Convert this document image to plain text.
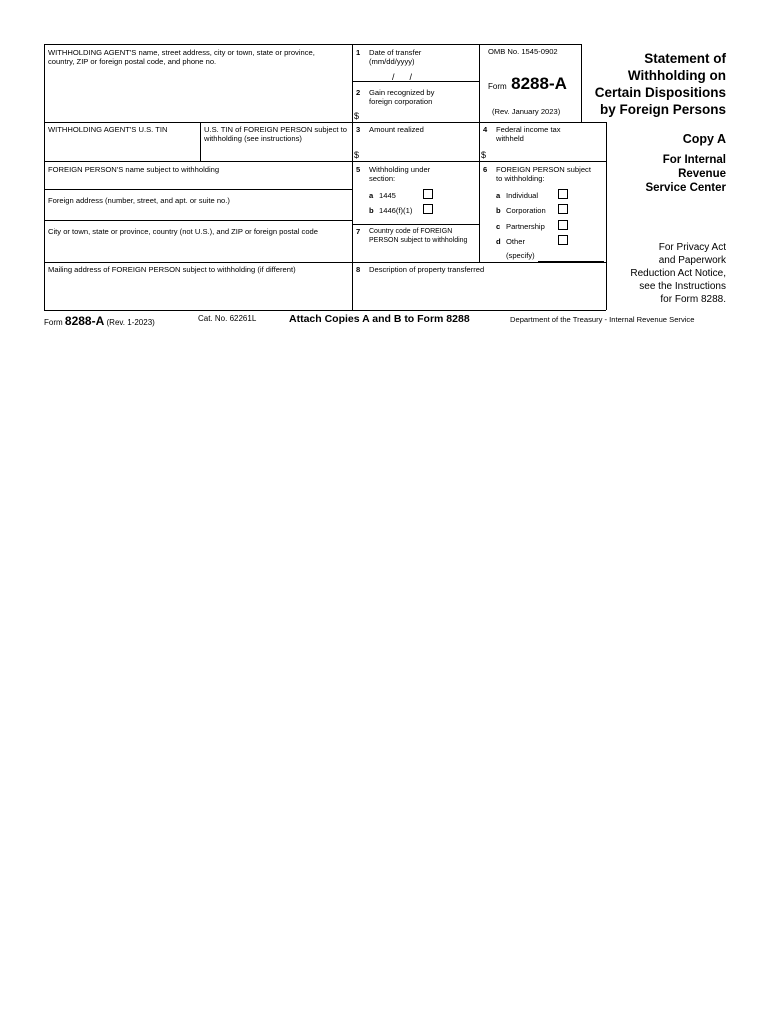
WITHHOLDING AGENT'S name, street address, city or town, state or province, country, ZIP or foreign postal code, and phone no.
1 Date of transfer (mm/dd/yyyy)
/      /
2 Gain recognized by foreign corporation
$
OMB No. 1545-0902
Form 8288-A
(Rev. January 2023)
Statement of
Withholding on
Certain Dispositions
by Foreign Persons
WITHHOLDING AGENT'S U.S. TIN	U.S. TIN of FOREIGN PERSON subject to withholding (see instructions)
3 Amount realized
$
4 Federal income tax withheld
$
Copy A
For Internal
Revenue
Service Center
FOREIGN PERSON'S name subject to withholding
Foreign address (number, street, and apt. or suite no.)
City or town, state or province, country (not U.S.), and ZIP or foreign postal code
Mailing address of FOREIGN PERSON subject to withholding (if different)
5 Withholding under section:
a 1445
b 1446(f)(1)
7 Country code of FOREIGN PERSON subject to withholding
6 FOREIGN PERSON subject to withholding:
a Individual
b Corporation
c Partnership
d Other
(specify)
8 Description of property transferred
For Privacy Act
and Paperwork
Reduction Act Notice,
see the Instructions
for Form 8288.
Form 8288-A (Rev. 1-2023)	Cat. No. 62261L	Attach Copies A and B to Form 8288	Department of the Treasury - Internal Revenue Service
